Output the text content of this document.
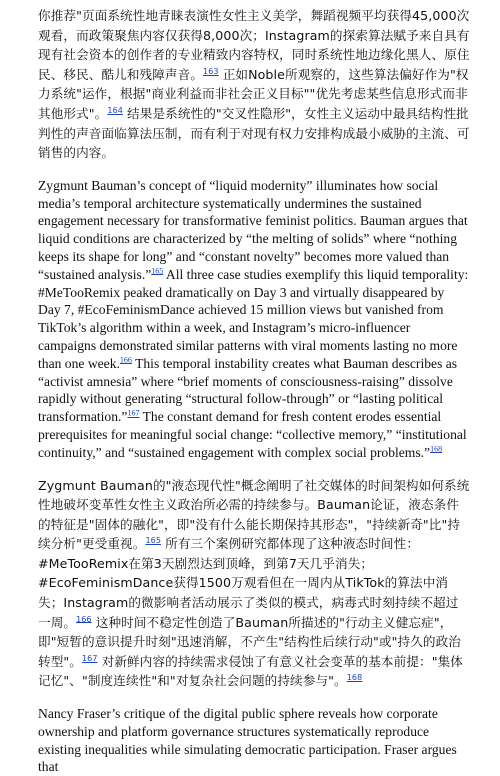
你推荐"页面系统性地青睐表演性女性主义美学，舞蹈视频平均获得45,000次观看，而政策聚焦内容仅获得8,000次；Instagram的探索算法赋予来自具有现有社会资本的创作者的专业精致内容特权，同时系统性地边缘化黑人、原住民、移民、酷儿和残障声音。$^{163}$ 正如Noble所观察的，这些算法偏好作为"权力系统"运作，根据"商业利益而非社会正义目标""优先考虑某些信息形式而非其他形式"。$^{164}$ 结果是系统性的"交叉性隐形"，女性主义运动中最具结构性批判性的声音面临算法压制，而有利于对现有权力安排构成最小威胁的主流、可销售的内容。

Zygmunt Bauman’s concept of “liquid modernity” illuminates how social media’s temporal architecture systematically undermines the sustained engagement necessary for transformative feminist politics. Bauman argues that liquid conditions are characterized by “the melting of solids” where “nothing keeps its shape for long” and “constant novelty” becomes more valued than “sustained analysis.”$^{165}$ All three case studies exemplify this liquid temporality: #MeTooRemix peaked dramatically on Day 3 and virtually disappeared by Day 7, #EcoFeminismDance achieved 15 million views but vanished from TikTok’s algorithm within a week, and Instagram’s micro-influencer campaigns demonstrated similar patterns with viral moments lasting no more than one week.$^{166}$ This temporal instability creates what Bauman describes as “activist amnesia” where “brief moments of consciousness-raising” dissolve rapidly without generating “structural follow-through” or “lasting political transformation.”$^{167}$ The constant demand for fresh content erodes essential prerequisites for meaningful social change: “collective memory,” “institutional continuity,” and “sustained engagement with complex social problems.”$^{168}$

Zygmunt Bauman的"液态现代性"概念阐明了社交媒体的时间架构如何系统性地破坏变革性女性主义政治所必需的持续参与。Bauman论证，液态条件的特征是"固体的融化"，即"没有什么能长期保持其形态"，"持续新奇"比"持续分析"更受重视。$^{165}$ 所有三个案例研究都体现了这种液态时间性：#MeTooRemix在第3天剧烈达到顶峰，到第7天几乎消失；#EcoFeminismDance获得1500万观看但在一周内从TikTok的算法中消失；Instagram的微影响者活动展示了类似的模式，病毒式时刻持续不超过一周。$^{166}$ 这种时间不稳定性创造了Bauman所描述的"行动主义健忘症"，即"短暂的意识提升时刻"迅速消解，不产生"结构性后续行动"或"持久的政治转型"。$^{167}$ 对新鲜内容的持续需求侵蚀了有意义社会变革的基本前提："集体记忆"、"制度连续性"和"对复杂社会问题的持续参与"。$^{168}$

Nancy Fraser’s critique of the digital public sphere reveals how corporate ownership and platform governance structures systematically reproduce existing inequalities while simulating democratic participation. Fraser argues that
